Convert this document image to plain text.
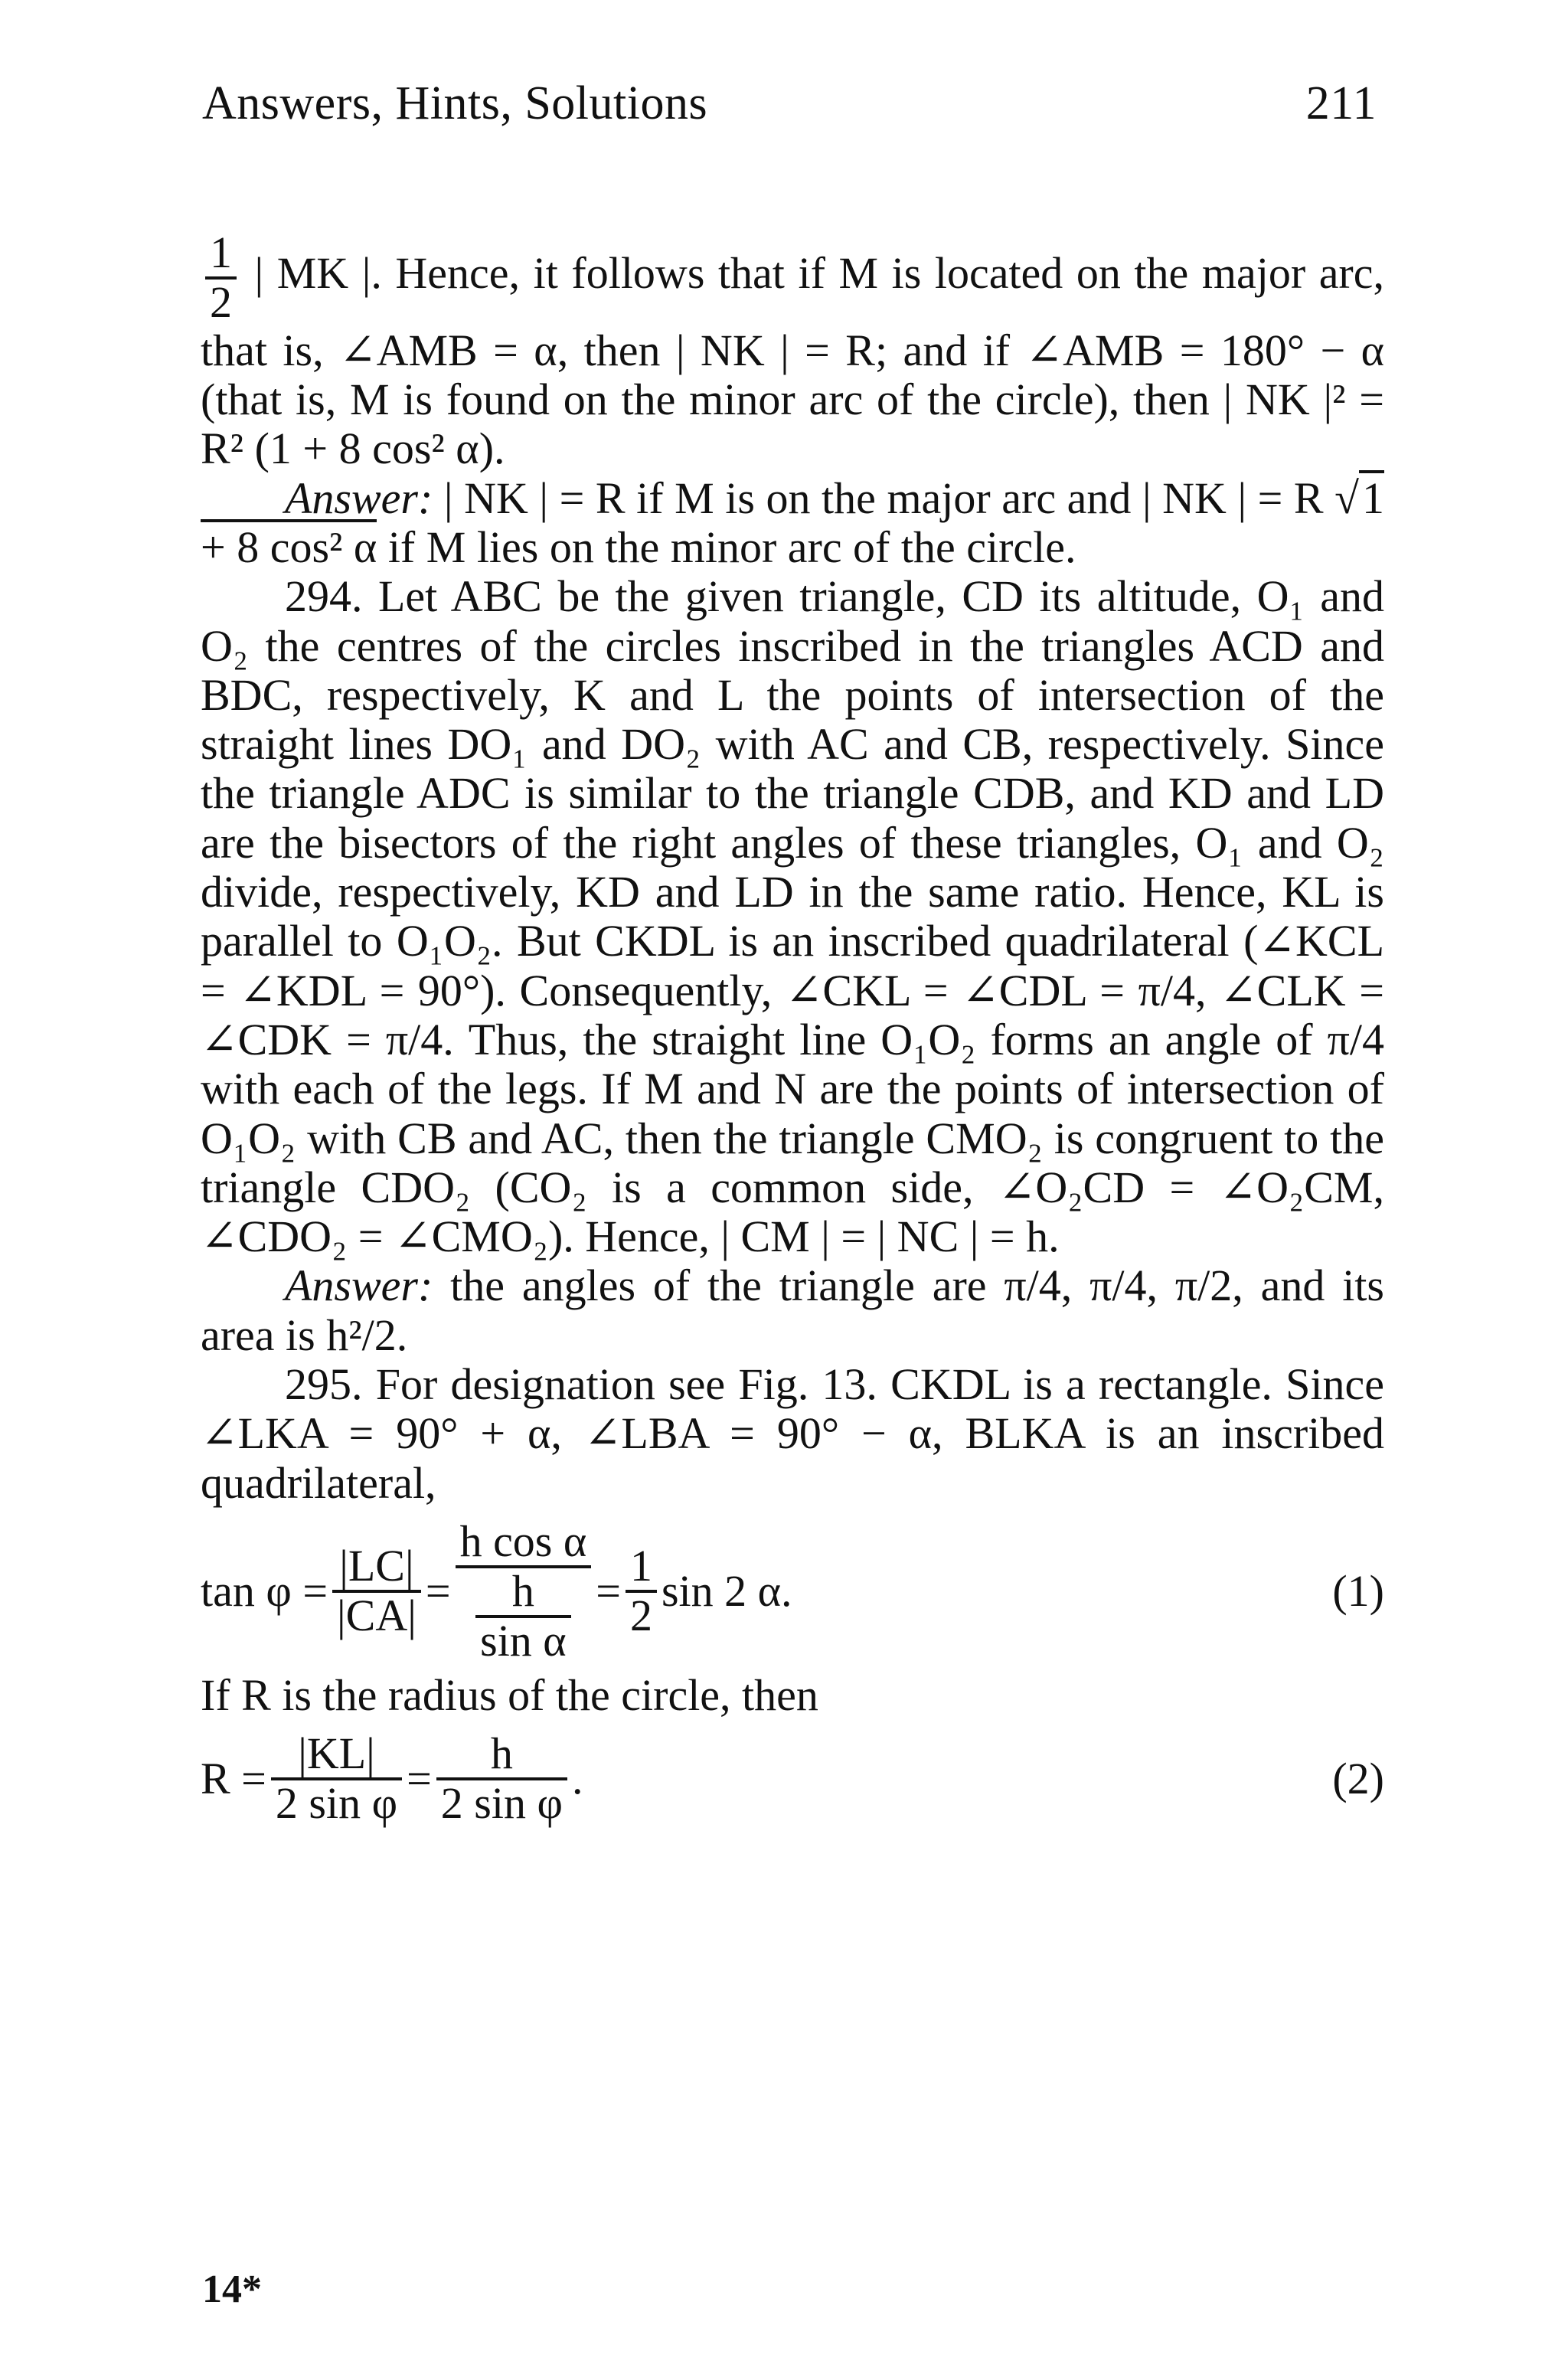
Answers, Hints, Solutions	211

$\frac{1}{2}$ | MK |. Hence, it follows that if M is located on the major arc, that is, ∠AMB = α, then | NK | = R; and if ∠AMB = 180° − α (that is, M is found on the minor arc of the circle), then | NK |² = R² (1 + 8 cos² α).

Answer: | NK | = R if M is on the major arc and | NK | = R √1 + 8 cos² α if M lies on the minor arc of the circle.

294. Let ABC be the given triangle, CD its altitude, O₁ and O₂ the centres of the circles inscribed in the triangles ACD and BDC, respectively, K and L the points of intersection of the straight lines DO₁ and DO₂ with AC and CB, respectively. Since the triangle ADC is similar to the triangle CDB, and KD and LD are the bisectors of the right angles of these triangles, O₁ and O₂ divide, respectively, KD and LD in the same ratio. Hence, KL is parallel to O₁O₂. But CKDL is an inscribed quadrilateral (∠KCL = ∠KDL = 90°). Consequently, ∠CKL = ∠CDL = π/4, ∠CLK = ∠CDK = π/4. Thus, the straight line O₁O₂ forms an angle of π/4 with each of the legs. If M and N are the points of intersection of O₁O₂ with CB and AC, then the triangle CMO₂ is congruent to the triangle CDO₂ (CO₂ is a common side, ∠O₂CD = ∠O₂CM, ∠CDO₂ = ∠CMO₂). Hence, | CM | = | NC | = h.

Answer: the angles of the triangle are π/4, π/4, π/2, and its area is h²/2.

295. For designation see Fig. 13. CKDL is a rectangle. Since ∠LKA = 90° + α, ∠LBA = 90° − α, BLKA is an inscribed quadrilateral,

$\tan \varphi = \frac{|LC|}{|CA|} = \frac{\text{h cos α}}{\frac{h}{\text{sin α}}} = \frac{1}{2}$ sin 2 α.	(1)

If R is the radius of the circle, then

$R = \frac{|KL|}{\text{2 sin φ}} = \frac{h}{\text{2 sin φ}}$ .	(2)
14*
